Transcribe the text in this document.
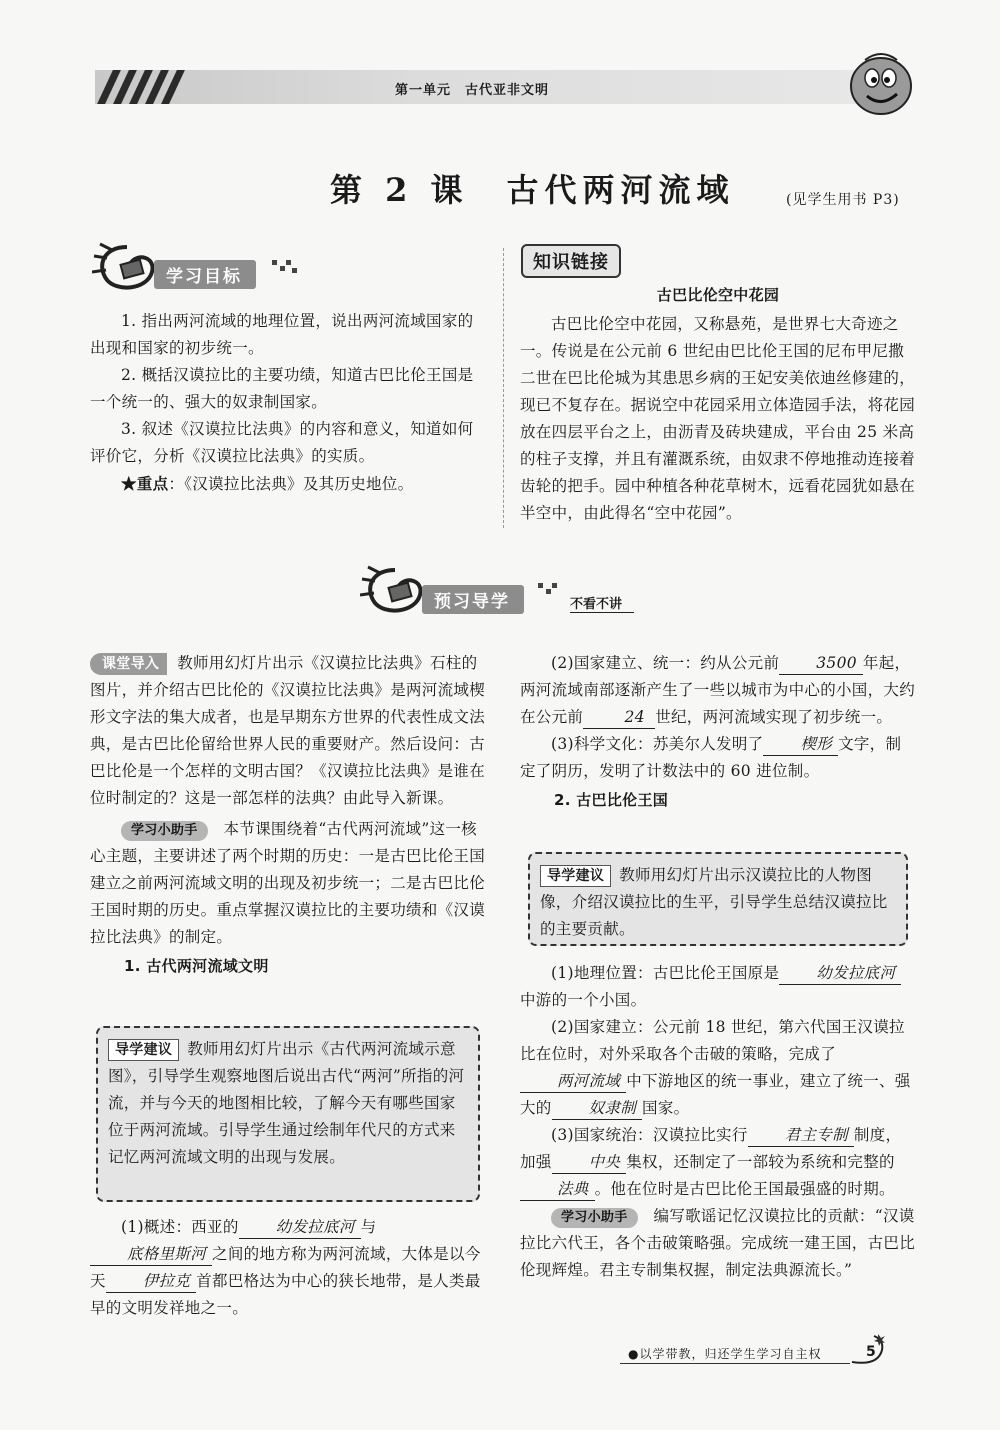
第一单元　古代亚非文明
第 2 课　古代两河流域	(见学生用书 P3)
学习目标

1. 指出两河流域的地理位置，说出两河流域国家的出现和国家的初步统一。

2. 概括汉谟拉比的主要功绩，知道古巴比伦王国是一个统一的、强大的奴隶制国家。

3. 叙述《汉谟拉比法典》的内容和意义，知道如何评价它，分析《汉谟拉比法典》的实质。

★重点：《汉谟拉比法典》及其历史地位。

知识链接

古巴比伦空中花园

古巴比伦空中花园，又称悬苑，是世界七大奇迹之一。传说是在公元前 6 世纪由巴比伦王国的尼布甲尼撒二世在巴比伦城为其患思乡病的王妃安美依迪丝修建的，现已不复存在。据说空中花园采用立体造园手法，将花园放在四层平台之上，由沥青及砖块建成，平台由 25 米高的柱子支撑，并且有灌溉系统，由奴隶不停地推动连接着齿轮的把手。园中种植各种花草树木，远看花园犹如悬在半空中，由此得名“空中花园”。

预习导学	不看不讲

课堂导入 教师用幻灯片出示《汉谟拉比法典》石柱的图片，并介绍古巴比伦的《汉谟拉比法典》是两河流域楔形文字法的集大成者，也是早期东方世界的代表性成文法典，是古巴比伦留给世界人民的重要财产。然后设问：古巴比伦是一个怎样的文明古国？《汉谟拉比法典》是谁在位时制定的？这是一部怎样的法典？由此导入新课。

学习小助手 本节课围绕着“古代两河流域”这一核心主题，主要讲述了两个时期的历史：一是古巴比伦王国建立之前两河流域文明的出现及初步统一；二是古巴比伦王国时期的历史。重点掌握汉谟拉比的主要功绩和《汉谟拉比法典》的制定。

1. 古代两河流域文明

导学建议 教师用幻灯片出示《古代两河流域示意图》，引导学生观察地图后说出古代“两河”所指的河流，并与今天的地图相比较，了解今天有哪些国家位于两河流域。引导学生通过绘制年代尺的方式来记忆两河流域文明的出现与发展。

(1)概述：西亚的 幼发拉底河 与底格里斯河 之间的地方称为两河流域，大体是以今天 伊拉克 首都巴格达为中心的狭长地带，是人类最早的文明发祥地之一。

(2)国家建立、统一：约从公元前 3500 年起，两河流域南部逐渐产生了一些以城市为中心的小国，大约在公元前	24 世纪，两河流域实现了初步统一。

(3)科学文化：苏美尔人发明了 楔形 文字，制定了阴历，发明了计数法中的 60 进位制。

2. 古巴比伦王国

导学建议 教师用幻灯片出示汉谟拉比的人物图像，介绍汉谟拉比的生平，引导学生总结汉谟拉比的主要贡献。

(1)地理位置：古巴比伦王国原是 幼发拉底河中游的一个小国。

(2)国家建立：公元前 18 世纪，第六代国王汉谟拉比在位时，对外采取各个击破的策略，完成了两河流域 中下游地区的统一事业，建立了统一、强大的 奴隶制 国家。

(3)国家统治：汉谟拉比实行 君主专制 制度，加强 中央 集权，还制定了一部较为系统和完整的法典 。他在位时是古巴比伦王国最强盛的时期。

学习小助手 编写歌谣记忆汉谟拉比的贡献：“汉谟拉比六代王，各个击破策略强。完成统一建王国，古巴比伦现辉煌。君主专制集权握，制定法典源流长。”

●以学带教，归还学生学习自主权	5
